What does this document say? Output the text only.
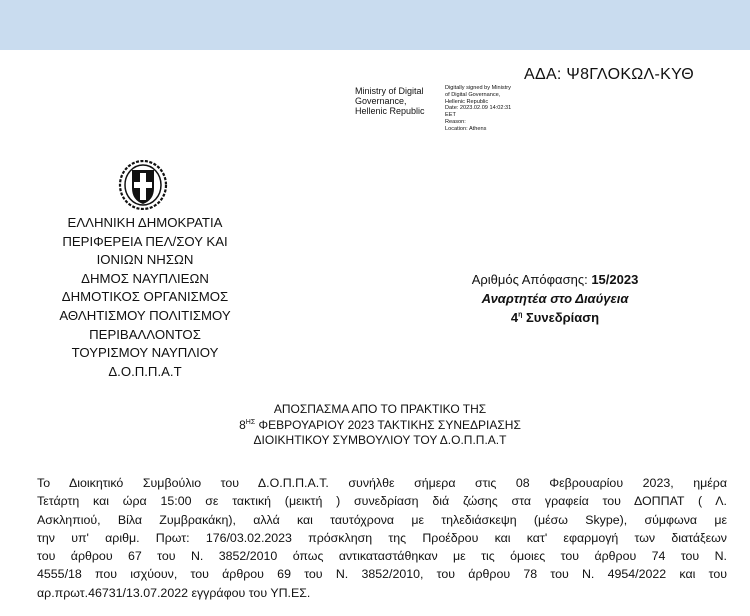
ΑΔΑ: Ψ8ΓΛΟΚΩΛ-ΚΥΘ
Ministry of Digital
Governance,
Hellenic Republic
Digitally signed by Ministry
of Digital Governance,
Hellenic Republic
Date: 2023.02.09 14:02:31
EET
Reason:
Location: Athens
ΕΛΛΗΝΙΚΗ ΔΗΜΟΚΡΑΤΙΑ
ΠΕΡΙΦΕΡΕΙΑ ΠΕΛ/ΣΟΥ ΚΑΙ
ΙΟΝΙΩΝ ΝΗΣΩΝ
ΔΗΜΟΣ ΝΑΥΠΛΙΕΩΝ
ΔΗΜΟΤΙΚΟΣ ΟΡΓΑΝΙΣΜΟΣ
ΑΘΛΗΤΙΣΜΟΥ ΠΟΛΙΤΙΣΜΟΥ
ΠΕΡΙΒΑΛΛΟΝΤΟΣ
ΤΟΥΡΙΣΜΟΥ ΝΑΥΠΛΙΟΥ
Δ.Ο.Π.Π.Α.Τ
Αριθμός Απόφασης: 15/2023
Αναρτητέα στο Διαύγεια
$4^\eta$ Συνεδρίαση
ΑΠΟΣΠΑΣΜΑ ΑΠΟ ΤΟ ΠΡΑΚΤΙΚΟ ΤΗΣ
$8^{H\Sigma}$ ΦΕΒΡΟΥΑΡΙΟΥ 2023 ΤΑΚΤΙΚΗΣ ΣΥΝΕΔΡΙΑΣΗΣ
ΔΙΟΙΚΗΤΙΚΟΥ ΣΥΜΒΟΥΛΙΟΥ ΤΟΥ Δ.Ο.Π.Π.Α.Τ
Το Διοικητικό Συμβούλιο του Δ.Ο.Π.Π.Α.Τ. συνήλθε σήμερα στις 08 Φεβρουαρίου 2023, ημέρα
Τετάρτη και ώρα 15:00 σε τακτική (μεικτή ) συνεδρίαση διά ζώσης στα γραφεία του ΔΟΠΠΑΤ ( Λ.
Ασκληπιού, Βίλα Ζυμβρακάκη), αλλά και ταυτόχρονα με τηλεδιάσκεψη (μέσω Skype), σύμφωνα με
την υπ' αριθμ. Πρωτ: 176/03.02.2023 πρόσκληση της Προέδρου και κατ' εφαρμογή των διατάξεων
του άρθρου 67 του Ν. 3852/2010 όπως αντικαταστάθηκαν με τις όμοιες του άρθρου 74 του Ν.
4555/18 που ισχύουν, του άρθρου 69 του Ν. 3852/2010, του άρθρου 78 του Ν. 4954/2022 και του
αρ.πρωτ.46731/13.07.2022 εγγράφου του ΥΠ.ΕΣ.
